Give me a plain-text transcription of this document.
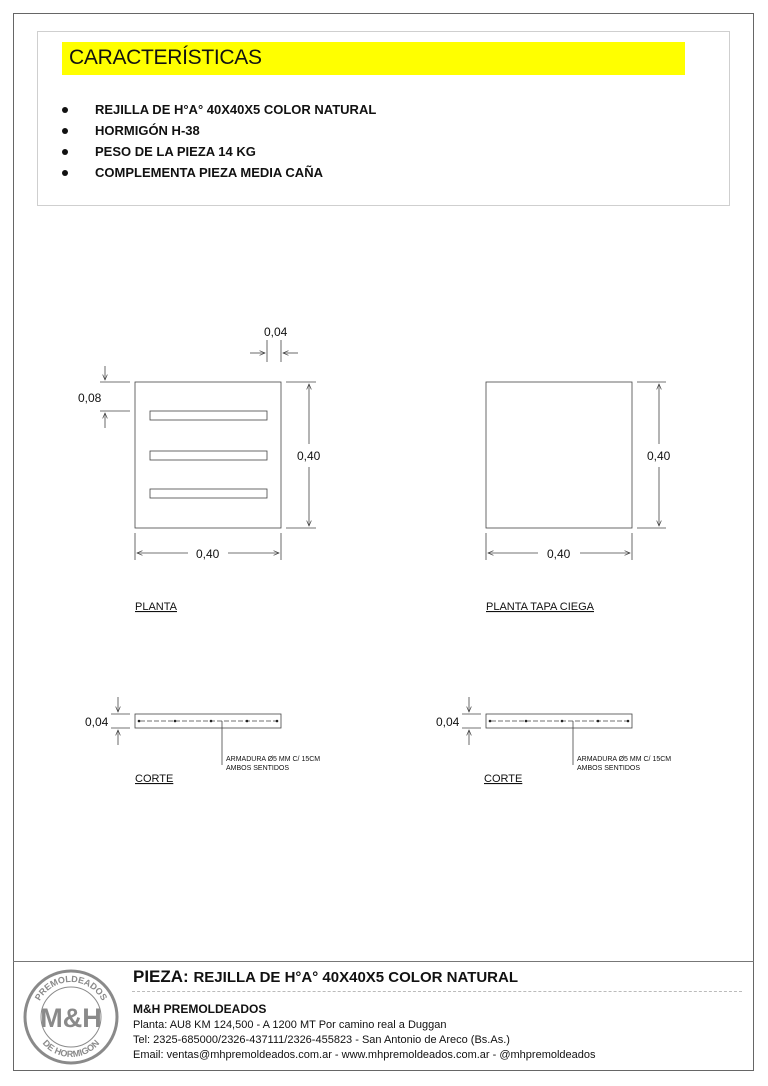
CARACTERÍSTICAS
REJILLA DE H°A° 40X40X5 COLOR NATURAL
HORMIGÓN H-38
PESO DE LA PIEZA 14 KG
COMPLEMENTA PIEZA MEDIA CAÑA
0,04
0,08
0,40
0,40
PLANTA
0,40
0,40
PLANTA TAPA CIEGA
0,04
ARMADURA Ø5 MM C/ 15CM
AMBOS SENTIDOS
CORTE
0,04
ARMADURA Ø5 MM C/ 15CM
AMBOS SENTIDOS
CORTE
PREMOLDEADOS
M&H
DE HORMIGON
PIEZA: REJILLA DE H°A° 40X40X5 COLOR NATURAL
M&H PREMOLDEADOS
Planta: AU8 KM 124,500 - A 1200 MT Por camino real a Duggan
Tel: 2325-685000/2326-437111/2326-455823 - San Antonio de Areco (Bs.As.)
Email: ventas@mhpremoldeados.com.ar - www.mhpremoldeados.com.ar - @mhpremoldeados
